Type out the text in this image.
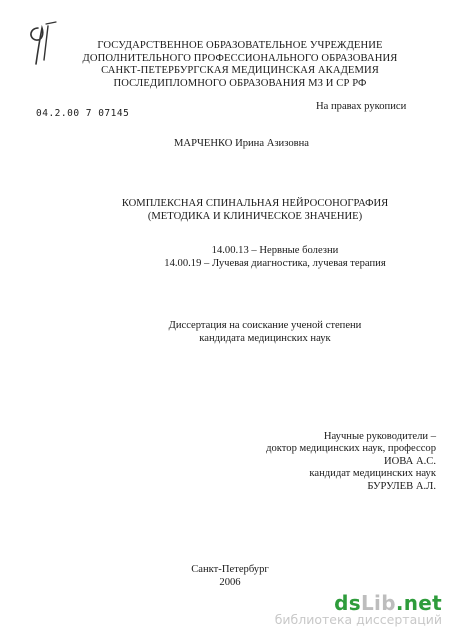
ГОСУДАРСТВЕННОЕ ОБРАЗОВАТЕЛЬНОЕ УЧРЕЖДЕНИЕ
ДОПОЛНИТЕЛЬНОГО ПРОФЕССИОНАЛЬНОГО ОБРАЗОВАНИЯ
САНКТ-ПЕТЕРБУРГСКАЯ МЕДИЦИНСКАЯ АКАДЕМИЯ
ПОСЛЕДИПЛОМНОГО ОБРАЗОВАНИЯ МЗ И СР РФ
04.2.00 7 07145
На правах рукописи
МАРЧЕНКО Ирина Азизовна
КОМПЛЕКСНАЯ СПИНАЛЬНАЯ НЕЙРОСОНОГРАФИЯ
(МЕТОДИКА И КЛИНИЧЕСКОЕ ЗНАЧЕНИЕ)
14.00.13 – Нервные болезни
14.00.19 – Лучевая диагностика, лучевая терапия
Диссертация на соискание ученой степени
кандидата медицинских наук
Научные руководители –
доктор медицинских наук, профессор
ИОВА А.С.
кандидат медицинских наук
БУРУЛЕВ А.Л.
Санкт-Петербург
2006
dsLib.net
библиотека диссертаций
